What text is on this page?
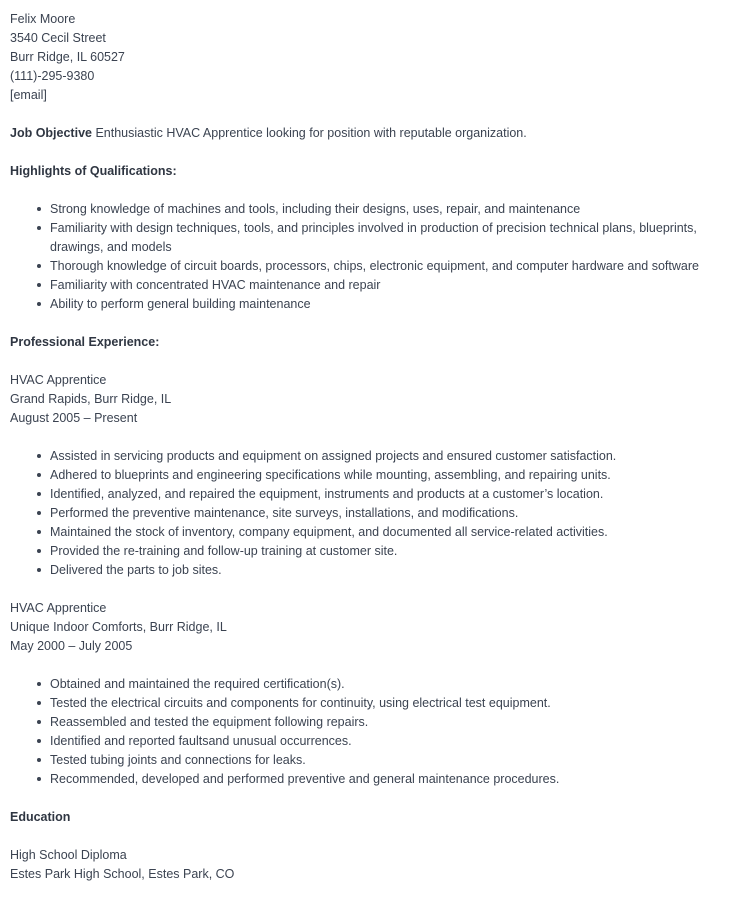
Felix Moore
3540 Cecil Street
Burr Ridge, IL 60527
(111)-295-9380
[email]
Job Objective Enthusiastic HVAC Apprentice looking for position with reputable organization.
Highlights of Qualifications:
Strong knowledge of machines and tools, including their designs, uses, repair, and maintenance
Familiarity with design techniques, tools, and principles involved in production of precision technical plans, blueprints, drawings, and models
Thorough knowledge of circuit boards, processors, chips, electronic equipment, and computer hardware and software
Familiarity with concentrated HVAC maintenance and repair
Ability to perform general building maintenance
Professional Experience:
HVAC Apprentice
Grand Rapids, Burr Ridge, IL
August 2005 – Present
Assisted in servicing products and equipment on assigned projects and ensured customer satisfaction.
Adhered to blueprints and engineering specifications while mounting, assembling, and repairing units.
Identified, analyzed, and repaired the equipment, instruments and products at a customer’s location.
Performed the preventive maintenance, site surveys, installations, and modifications.
Maintained the stock of inventory, company equipment, and documented all service-related activities.
Provided the re-training and follow-up training at customer site.
Delivered the parts to job sites.
HVAC Apprentice
Unique Indoor Comforts, Burr Ridge, IL
May 2000 – July 2005
Obtained and maintained the required certification(s).
Tested the electrical circuits and components for continuity, using electrical test equipment.
Reassembled and tested the equipment following repairs.
Identified and reported faultsand unusual occurrences.
Tested tubing joints and connections for leaks.
Recommended, developed and performed preventive and general maintenance procedures.
Education
High School Diploma
Estes Park High School, Estes Park, CO
